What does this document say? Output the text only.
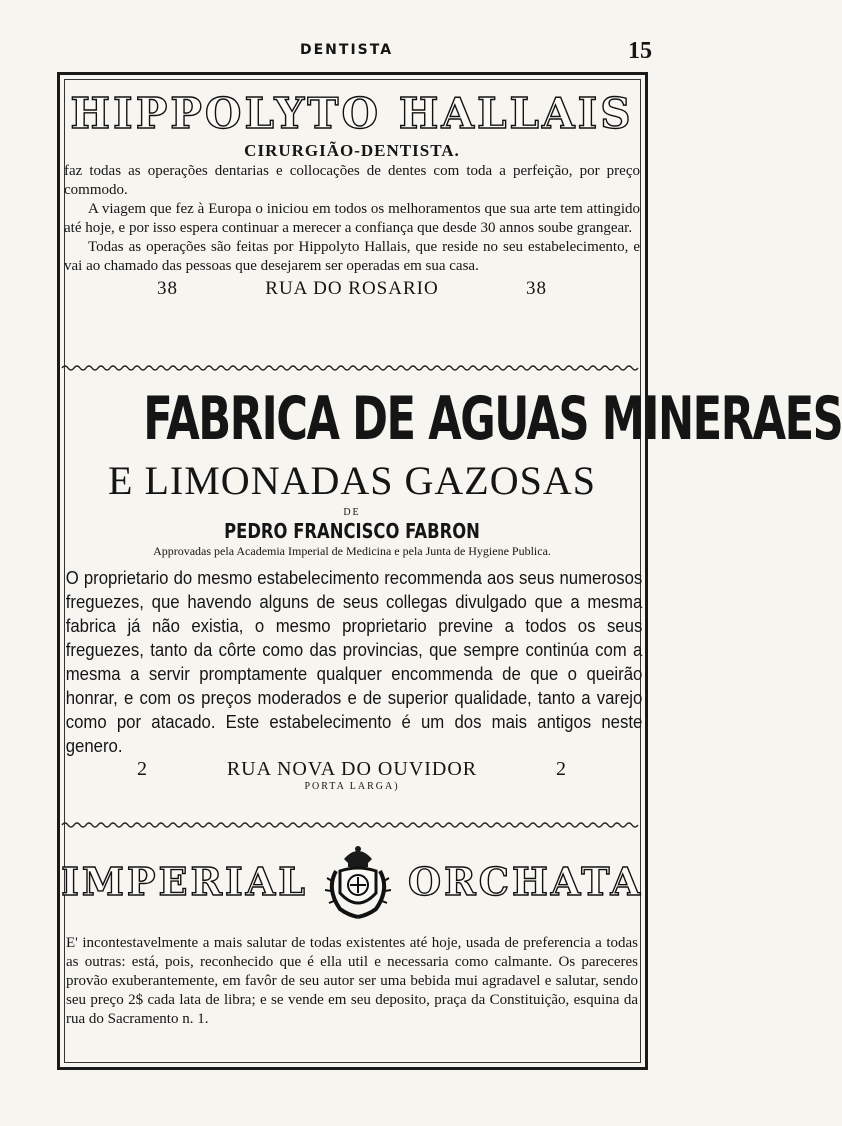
DENTISTA	15
HIPPOLYTO HALLAIS
CIRURGIÃO-DENTISTA.

faz todas as operações dentarias e collocações de dentes com toda a perfeição, por preço commodo.

A viagem que fez à Europa o iniciou em todos os melhoramentos que sua arte tem attingido até hoje, e por isso espera continuar a merecer a confiança que desde 30 annos soube grangear.

Todas as operações são feitas por Hippolyto Hallais, que reside no seu estabelecimento, e vai ao chamado das pessoas que desejarem ser operadas em sua casa.

38	RUA DO ROSARIO	38
FABRICA DE AGUAS MINERAES
E LIMONADAS GAZOSAS
DE
PEDRO FRANCISCO FABRON
Approvadas pela Academia Imperial de Medicina e pela Junta de Hygiene Publica.

O proprietario do mesmo estabelecimento recommenda aos seus numerosos freguezes, que havendo alguns de seus collegas divulgado que a mesma fabrica já não existia, o mesmo proprietario previne a todos os seus freguezes, tanto da côrte como das provincias, que sempre continúa com a mesma a servir promptamente qualquer encommenda de que o queirão honrar, e com os preços moderados e de superior qualidade, tanto a varejo como por atacado. Este estabelecimento é um dos mais antigos neste genero.

2	RUA NOVA DO OUVIDOR	2
PORTA LARGA)
IMPERIAL	ORCHATA

E' incontestavelmente a mais salutar de todas existentes até hoje, usada de preferencia a todas as outras: está, pois, reconhecido que é ella util e necessaria como calmante. Os pareceres provão exuberantemente, em favôr de seu autor ser uma bebida mui agradavel e salutar, sendo seu preço 2$ cada lata de libra; e se vende em seu deposito, praça da Constituição, esquina da rua do Sacramento n. 1.
